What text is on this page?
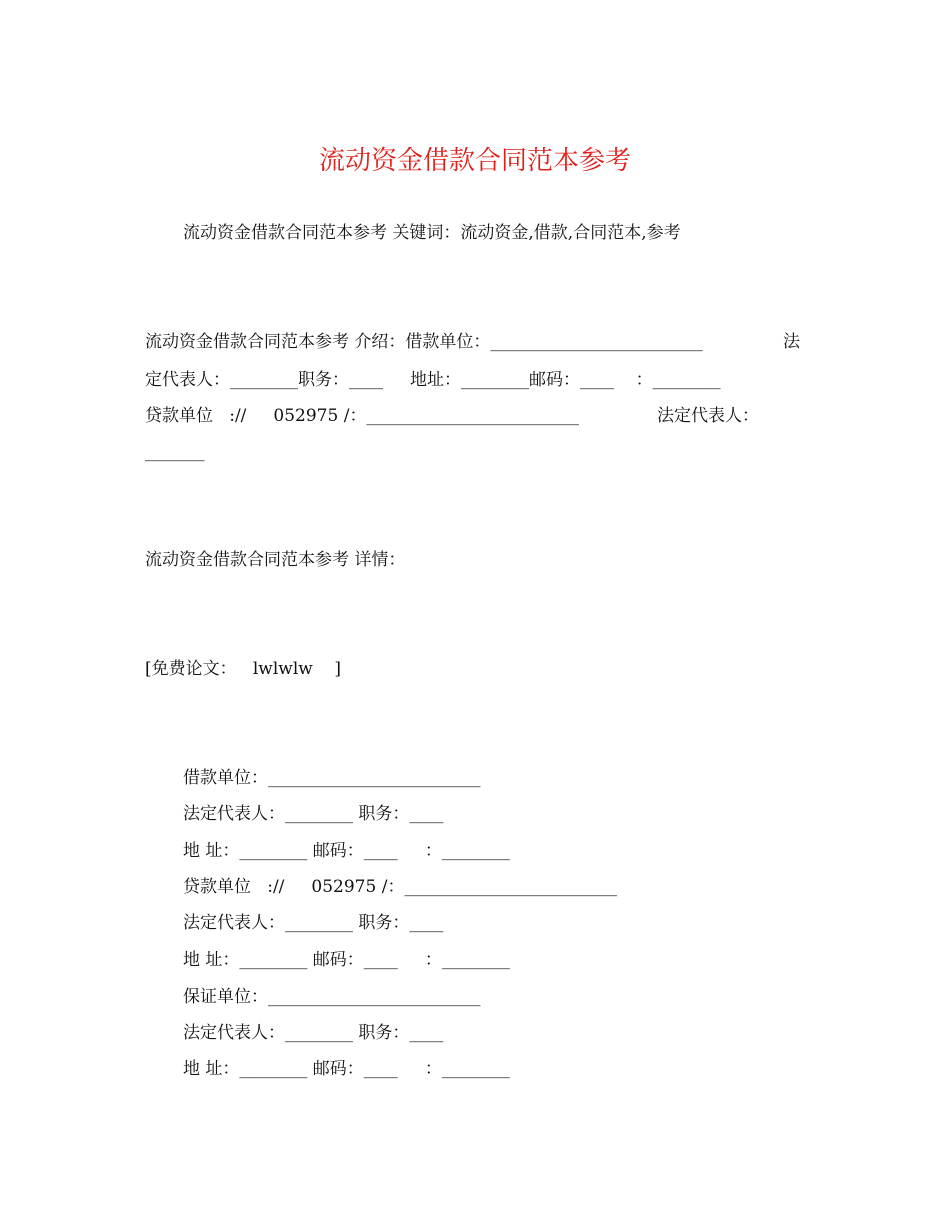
流动资金借款合同范本参考
流动资金借款合同范本参考 关键词：流动资金,借款,合同范本,参考
流动资金借款合同范本参考 介绍：借款单位：_________________________	法
定代表人：________职务：____     地址：________邮码：____    ：________
贷款单位   ://     052975 /：_________________________	法定代表人：
_______
流动资金借款合同范本参考 详情：
[免费论文：   lwlwlw    ]
借款单位：_________________________
法定代表人：________ 职务：____
地 址：________ 邮码：____     ：________
贷款单位   ://     052975 /：_________________________
法定代表人：________ 职务：____
地 址：________ 邮码：____     ：________
保证单位：_________________________
法定代表人：________ 职务：____
地 址：________ 邮码：____     ：________
